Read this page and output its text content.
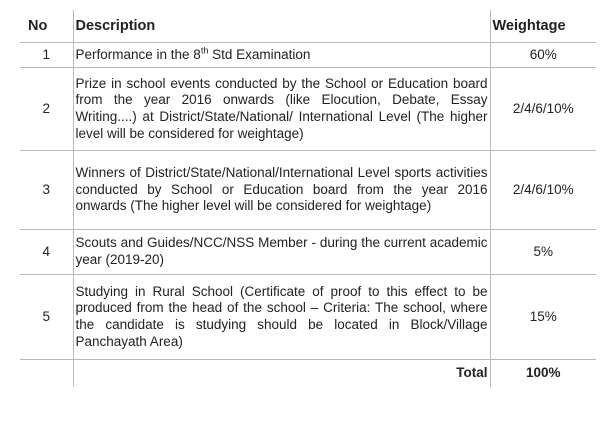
No	Description	Weightage
1	Performance in the 8th Std Examination	60%
2	Prize in school events conducted by the School or Education board from the year 2016 onwards (like Elocution, Debate, Essay Writing....) at District/State/National/ International Level (The higher level will be considered for weightage)	2/4/6/10%
3	Winners of District/State/National/International Level sports activities conducted by School or Education board from the year 2016 onwards (The higher level will be considered for weightage)	2/4/6/10%
4	Scouts and Guides/NCC/NSS Member - during the current academic year (2019-20)	5%
5	Studying in Rural School (Certificate of proof to this effect to be produced from the head of the school – Criteria: The school, where the candidate is studying should be located in Block/Village Panchayath Area)	15%
	Total	100%
